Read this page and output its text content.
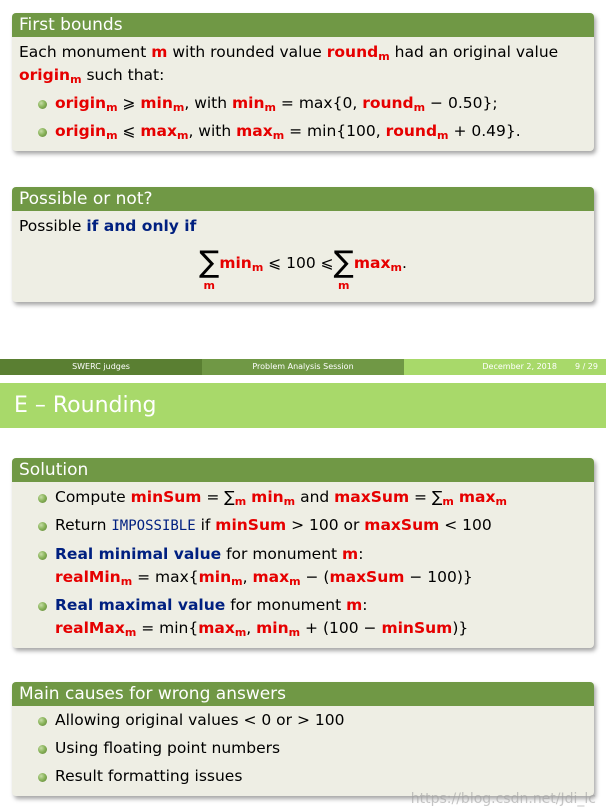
First bounds
Each monument m with rounded value round$_m$ had an original value origin$_m$ such that:
origin$_m$ ⩾ $\min_m$, with $\min_m = \max\{0$, round$_m$ − 0.50};
origin$_m$ ⩽ $\max_m$, with $\max_m = \min\{100$, round$_m$ + 0.49}.
Possible or not?
Possible if and only if
∑
m
$\min_m$ ⩽ 100 ⩽ ∑
m
$\max_m$.
SWERC judges	Problem Analysis Session	December 2, 2018 9 / 29
E – Rounding
Solution
Compute minSum = $\sum_m$ $\min_m$ and maxSum = $\sum_m$ $\max_m$
Return IMPOSSIBLE if minSum > 100 or maxSum < 100
Real minimal value for monument m:
realMin$_m$ = $\max\{\min_m$, $\max_m$ − (maxSum − 100)}
Real maximal value for monument m:
realMax$_m$ = $\min\{\max_m$, $\min_m + (100$ − minSum)}
Main causes for wrong answers
Allowing original values < 0 or > 100
Using floating point numbers
Result formatting issues
https://blog.csdn.net/Jdi_lc
